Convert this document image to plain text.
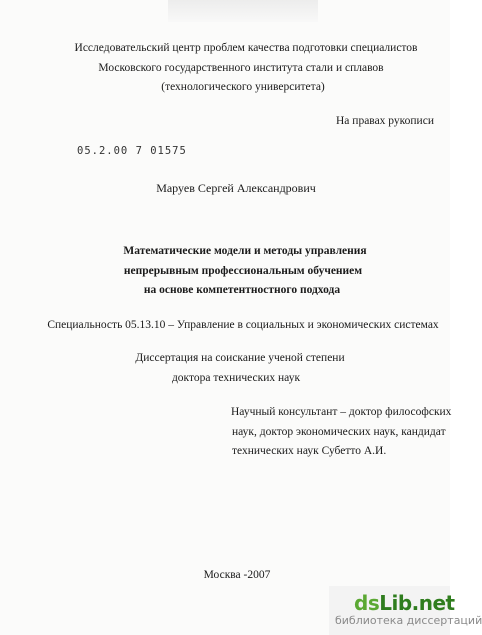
Исследовательский центр проблем качества подготовки специалистов
Московского государственного института стали и сплавов
(технологического университета)
На правах рукописи
05.2.00 7 01575
Маруев Сергей Александрович
Математические модели и методы управления
непрерывным профессиональным обучением
на основе компетентностного подхода
Специальность 05.13.10 – Управление в социальных и экономических системах
Диссертация на соискание ученой степени
доктора технических наук
Научный консультант – доктор философских
наук, доктор экономических наук, кандидат
технических наук Субетто А.И.
Москва -2007
dsLib.net
библиотека диссертаций
